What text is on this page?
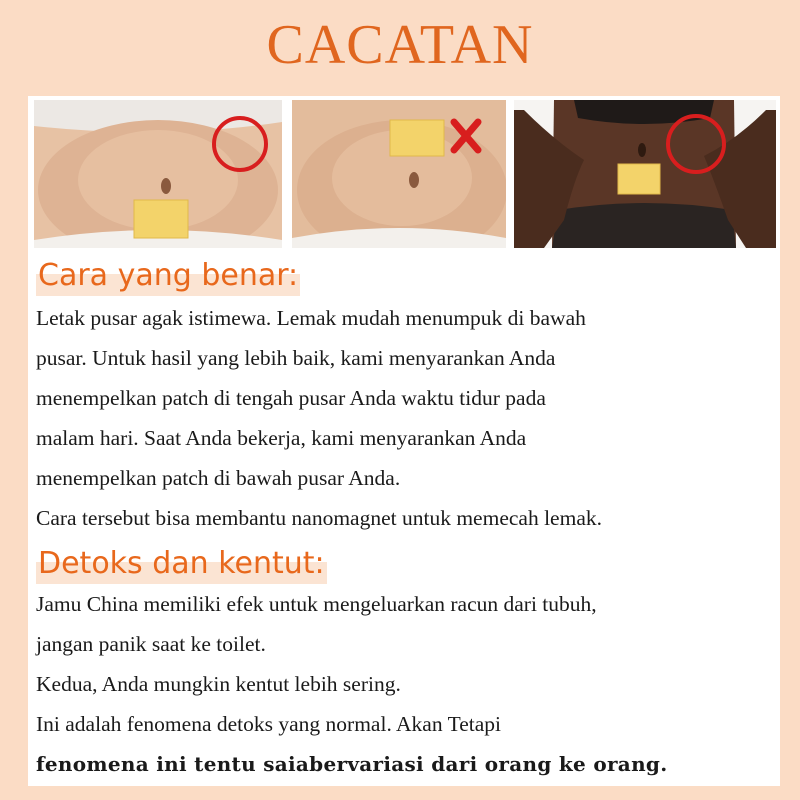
CACATAN
Cara yang benar:
Letak pusar agak istimewa. Lemak mudah menumpuk di bawah
pusar. Untuk hasil yang lebih baik, kami menyarankan Anda
menempelkan patch di tengah pusar Anda waktu tidur pada
malam hari. Saat Anda bekerja, kami menyarankan Anda
menempelkan patch di bawah pusar Anda.
Cara tersebut bisa membantu nanomagnet untuk memecah lemak.
Detoks dan kentut:
Jamu China memiliki efek untuk mengeluarkan racun dari tubuh,
jangan panik saat ke toilet.
Kedua, Anda mungkin kentut lebih sering.
Ini adalah fenomena detoks yang normal. Akan Tetapi
fenomena ini tentu saiabervariasi dari orang ke orang.
